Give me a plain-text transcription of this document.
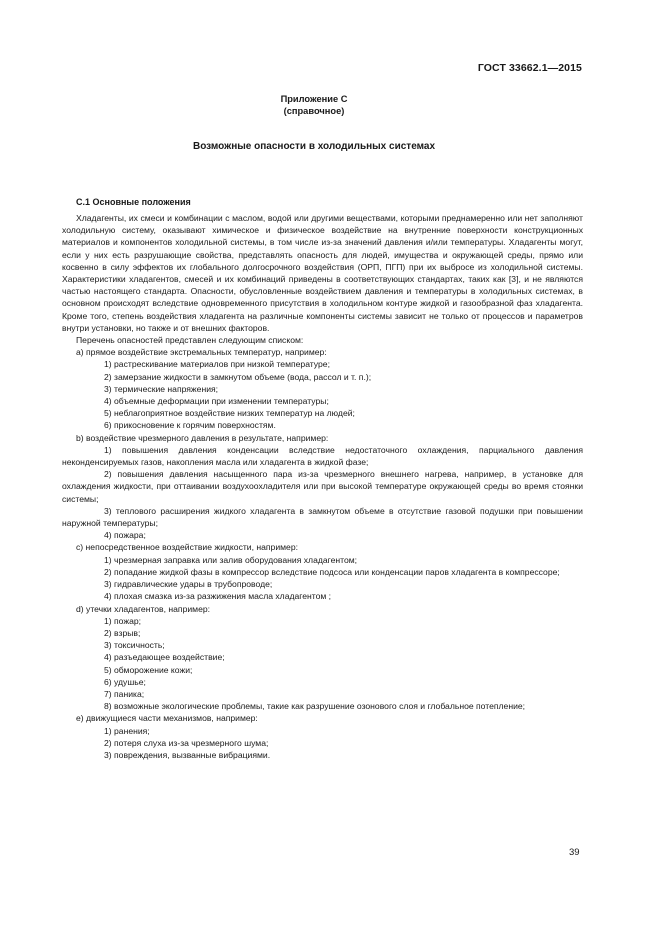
ГОСТ 33662.1—2015
Приложение С
(справочное)
Возможные опасности в холодильных системах
С.1 Основные положения

Хладагенты, их смеси и комбинации с маслом, водой или другими веществами, которыми преднамеренно или нет заполняют холодильную систему, оказывают химическое и физическое воздействие на внутренние поверхности конструкционных материалов и компонентов холодильной системы, в том числе из-за значений давления и/или температуры. Хладагенты могут, если у них есть разрушающие свойства, представлять опасность для людей, имущества и окружающей среды, прямо или косвенно в силу эффектов их глобального долгосрочного воздействия (ОРП, ПГП) при их выбросе из холодильной системы. Характеристики хладагентов, смесей и их комбинаций приведены в соответствующих стандартах, таких как [3], и не являются частью настоящего стандарта. Опасности, обусловленные воздействием давления и температуры в холодильных системах, в основном происходят вследствие одновременного присутствия в холодильном контуре жидкой и газообразной фаз хладагента. Кроме того, степень воздействия хладагента на различные компоненты системы зависит не только от процессов и параметров внутри установки, но также и от внешних факторов.

Перечень опасностей представлен следующим списком:

а) прямое воздействие экстремальных температур, например:

1) растрескивание материалов при низкой температуре;

2) замерзание жидкости в замкнутом объеме (вода, рассол и т. п.);

3) термические напряжения;

4) объемные деформации при изменении температуры;

5) неблагоприятное воздействие низких температур на людей;

6) прикосновение к горячим поверхностям.

b) воздействие чрезмерного давления в результате, например:

1) повышения давления конденсации вследствие недостаточного охлаждения, парциального давления неконденсируемых газов, накопления масла или хладагента в жидкой фазе;

2) повышения давления насыщенного пара из-за чрезмерного внешнего нагрева, например, в установке для охлаждения жидкости, при оттаивании воздухоохладителя или при высокой температуре окружающей среды во время стоянки системы;

3) теплового расширения жидкого хладагента в замкнутом объеме в отсутствие газовой подушки при повышении наружной температуры;

4) пожара;

с) непосредственное воздействие жидкости, например:

1) чрезмерная заправка или залив оборудования хладагентом;

2) попадание жидкой фазы в компрессор вследствие подсоса или конденсации паров хладагента в компрессоре;

3) гидравлические удары в трубопроводе;

4) плохая смазка из-за разжижения масла хладагентом ;

d) утечки хладагентов, например:

1) пожар;

2) взрыв;

3) токсичность;

4) разъедающее воздействие;

5) обморожение кожи;

6) удушье;

7) паника;

8) возможные экологические проблемы, такие как разрушение озонового слоя и глобальное потепление;

е) движущиеся части механизмов, например:

1) ранения;

2) потеря слуха из-за чрезмерного шума;

3) повреждения, вызванные вибрациями.

39
